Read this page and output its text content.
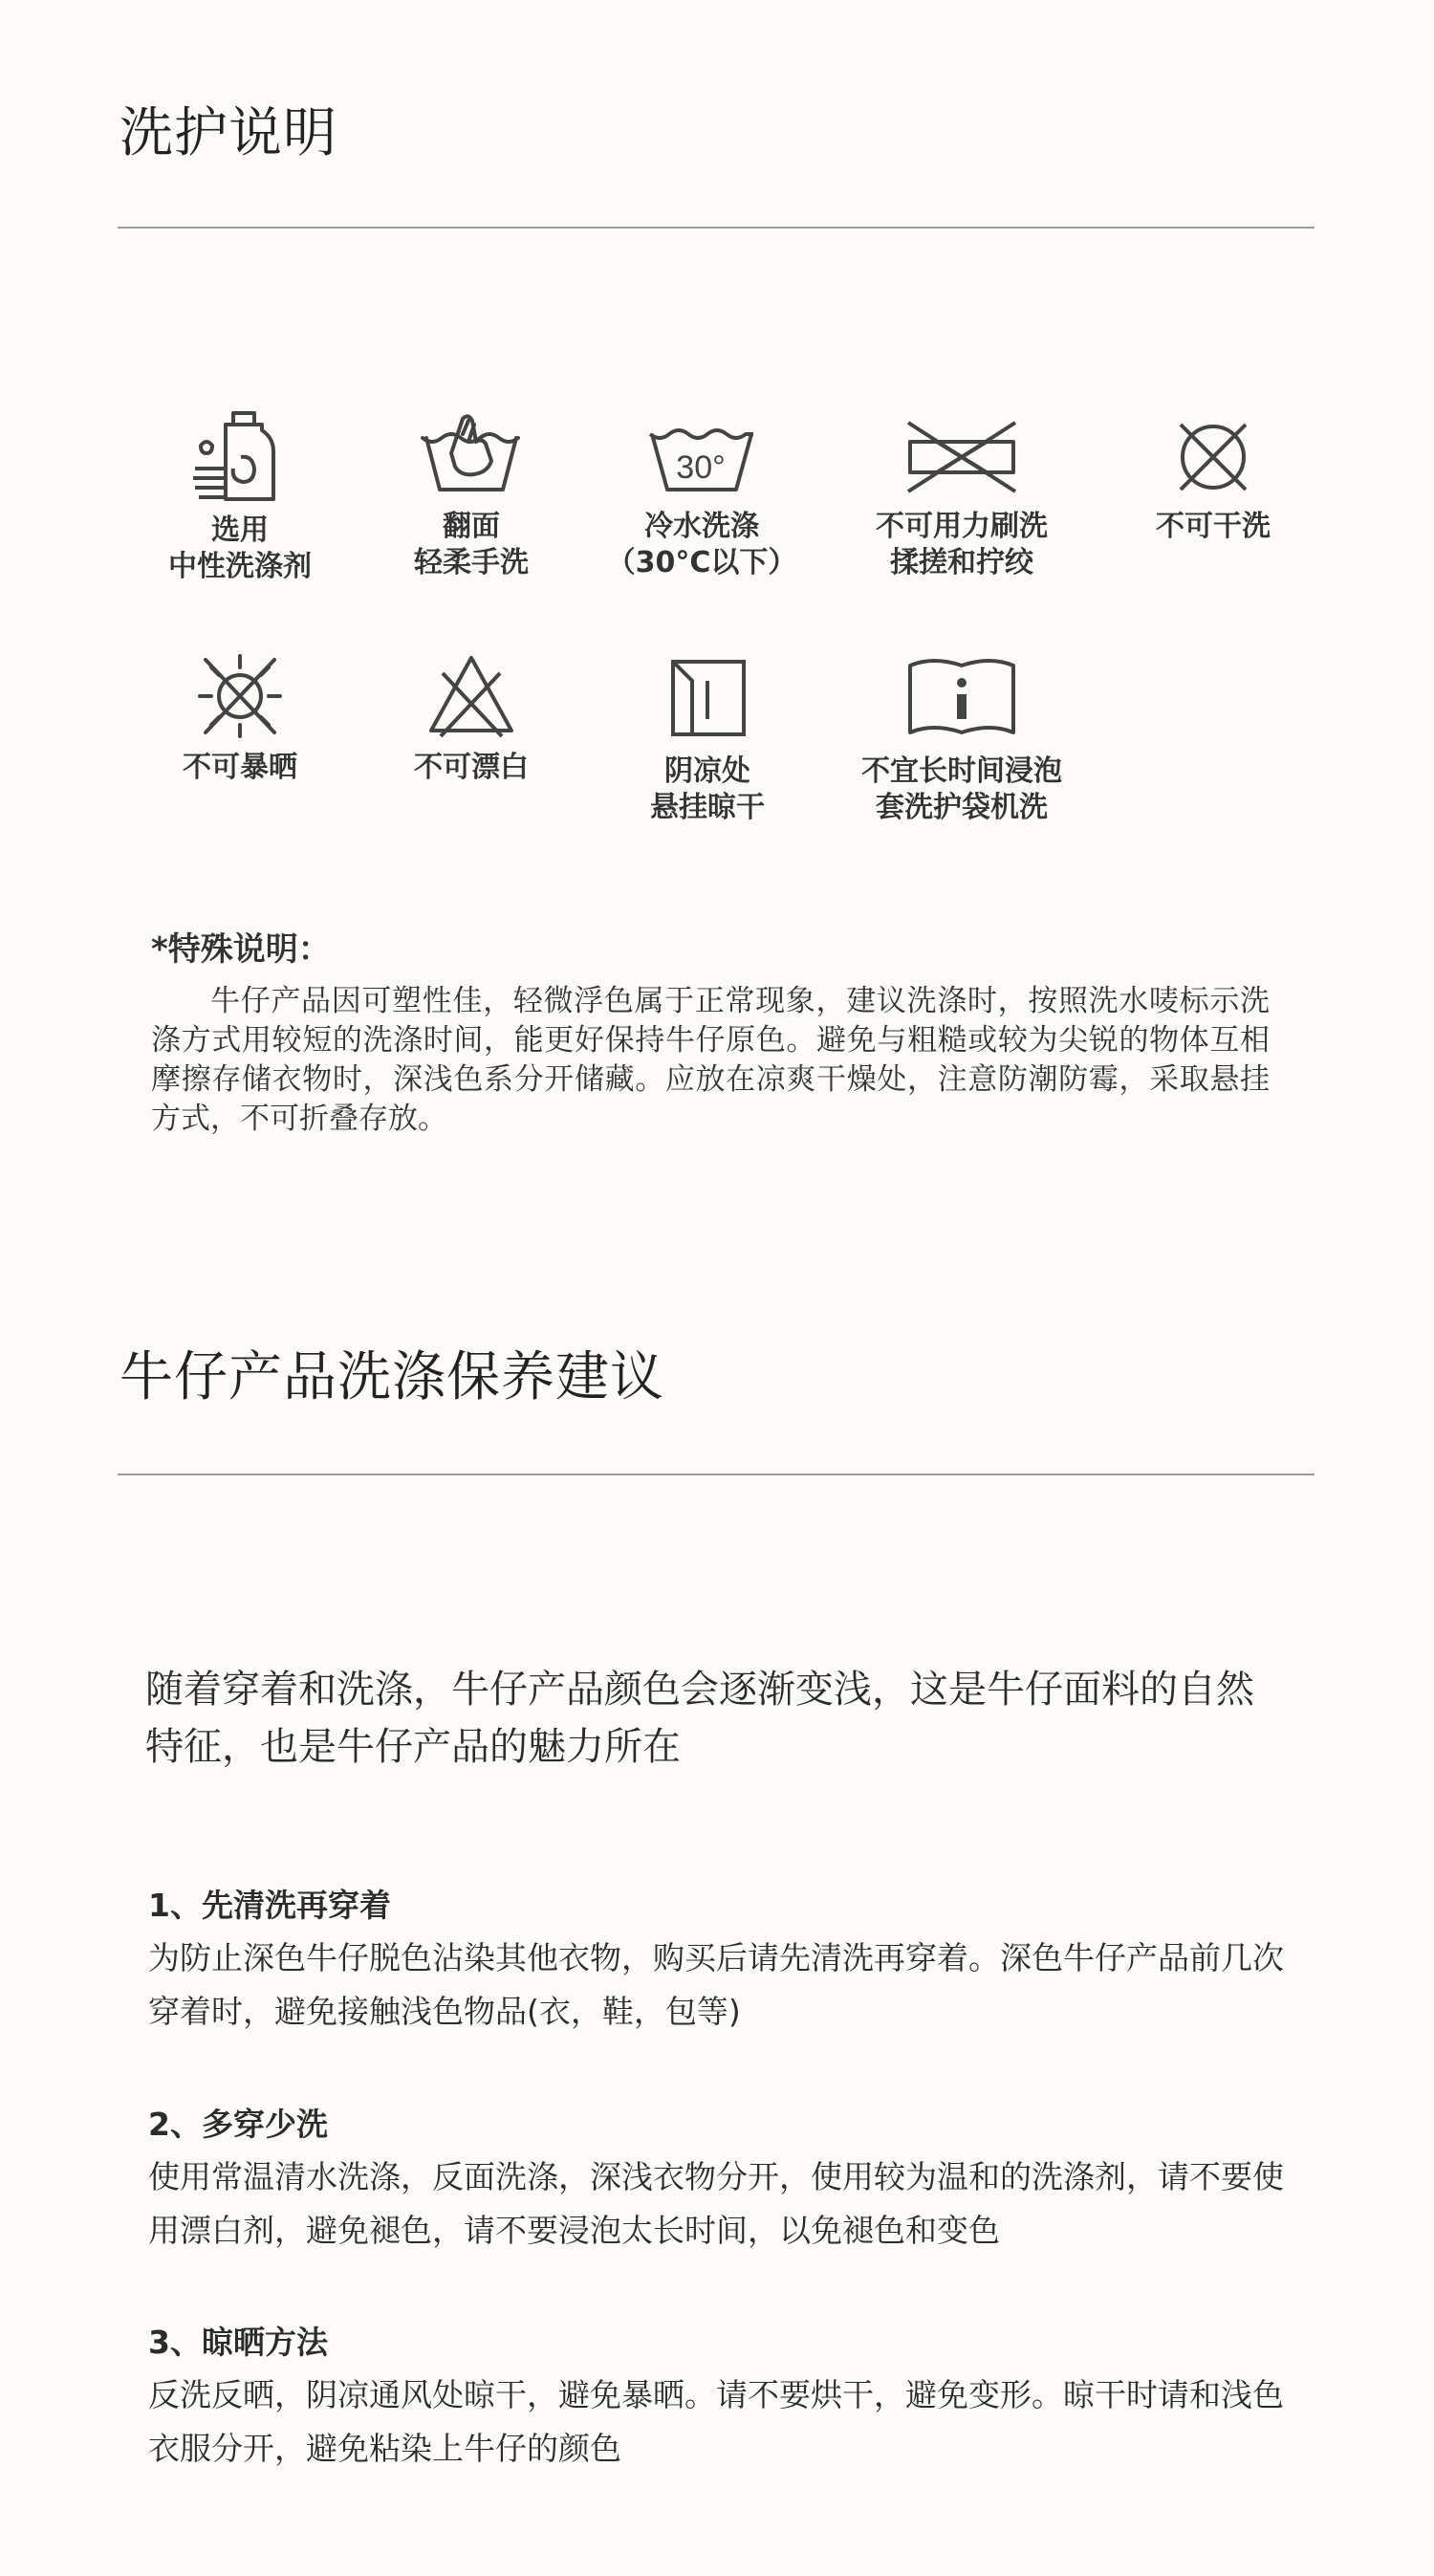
洗护说明
选用
中性洗涤剂
翻面
轻柔手洗
30°
冷水洗涤
（30°C以下）
不可用力刷洗
揉搓和拧绞
不可干洗
不可暴晒	不可漂白	阴凉处
悬挂晾干
不宜长时间浸泡
套洗护袋机洗
*特殊说明：
牛仔产品因可塑性佳，轻微浮色属于正常现象，建议洗涤时，按照洗水唛标示洗涤方式用较短的洗涤时间，能更好保持牛仔原色。避免与粗糙或较为尖锐的物体互相摩擦存储衣物时，深浅色系分开储藏。应放在凉爽干燥处，注意防潮防霉，采取悬挂方式，不可折叠存放。
牛仔产品洗涤保养建议
随着穿着和洗涤，牛仔产品颜色会逐渐变浅，这是牛仔面料的自然特征，也是牛仔产品的魅力所在
1、先清洗再穿着
为防止深色牛仔脱色沾染其他衣物，购买后请先清洗再穿着。深色牛仔产品前几次穿着时，避免接触浅色物品(衣，鞋，包等)
2、多穿少洗
使用常温清水洗涤，反面洗涤，深浅衣物分开，使用较为温和的洗涤剂，请不要使用漂白剂，避免褪色，请不要浸泡太长时间，以免褪色和变色
3、晾晒方法
反洗反晒，阴凉通风处晾干，避免暴晒。请不要烘干，避免变形。晾干时请和浅色衣服分开，避免粘染上牛仔的颜色
